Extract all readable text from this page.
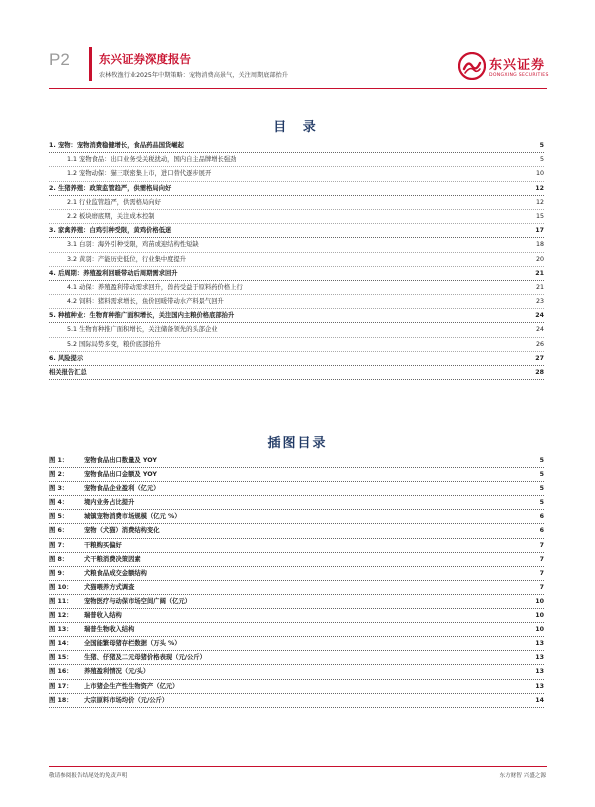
P2	东兴证券深度报告
农林牧渔行业2025年中期策略：宠物消费高景气，关注周期底部抬升
东兴证券
DONGXING SECURITIES
目 录
1. 宠物：宠物消费稳健增长，食品药品国货崛起	5
1.1 宠物食品：出口业务受关税扰动，国内自主品牌增长强劲	5
1.2 宠物动保：猫三联密集上市，进口替代逐步展开	10
2. 生猪养殖：政策监管趋严，供需格局向好	12
2.1 行业监管趋严，供需格局向好	12
2.2 板块磨底期，关注成本控制	15
3. 家禽养殖：白鸡引种受限，黄鸡价格低迷	17
3.1 白羽：海外引种受限，鸡苗或迎结构性短缺	18
3.2 黄羽：产能历史低位，行业集中度提升	20
4. 后周期：养殖盈利回暖带动后周期需求回升	21
4.1 动保：养殖盈利带动需求回升，兽药受益于原料药价格上行	21
4.2 饲料：猪料需求增长，鱼价回暖带动水产料景气回升	23
5. 种植种业：生物育种推广面积增长，关注国内主粮价格底部抬升	24
5.1 生物育种推广面积增长，关注储备领先的头部企业	24
5.2 国际局势多变，粮价底部抬升	26
6. 风险提示	27
相关报告汇总	28
插图目录
图 1：	宠物食品出口数量及 YOY	5
图 2：	宠物食品出口金额及 YOY	5
图 3：	宠物食品企业盈利（亿元）	5
图 4：	境内业务占比提升	5
图 5：	城镇宠物消费市场规模（亿元 %）	6
图 6：	宠物（犬猫）消费结构变化	6
图 7：	干粮购买偏好	7
图 8：	犬干粮消费决策因素	7
图 9：	犬粮食品成交金额结构	7
图 10： 犬猫喂养方式调查	7
图 11： 宠物医疗与动保市场空间广阔（亿元）	10
图 12： 瑞普收入结构	10
图 13： 瑞普生物收入结构	10
图 14： 全国能繁母猪存栏数据（万头 %）	13
图 15： 生猪、仔猪及二元母猪价格表现（元/公斤）	13
图 16： 养殖盈利情况（元/头）	13
图 17： 上市猪企生产性生物资产（亿元）	13
图 18： 大宗原料市场均价（元/公斤）	14
敬请参阅报告结尾处的免责声明	东方财智 兴盛之源
